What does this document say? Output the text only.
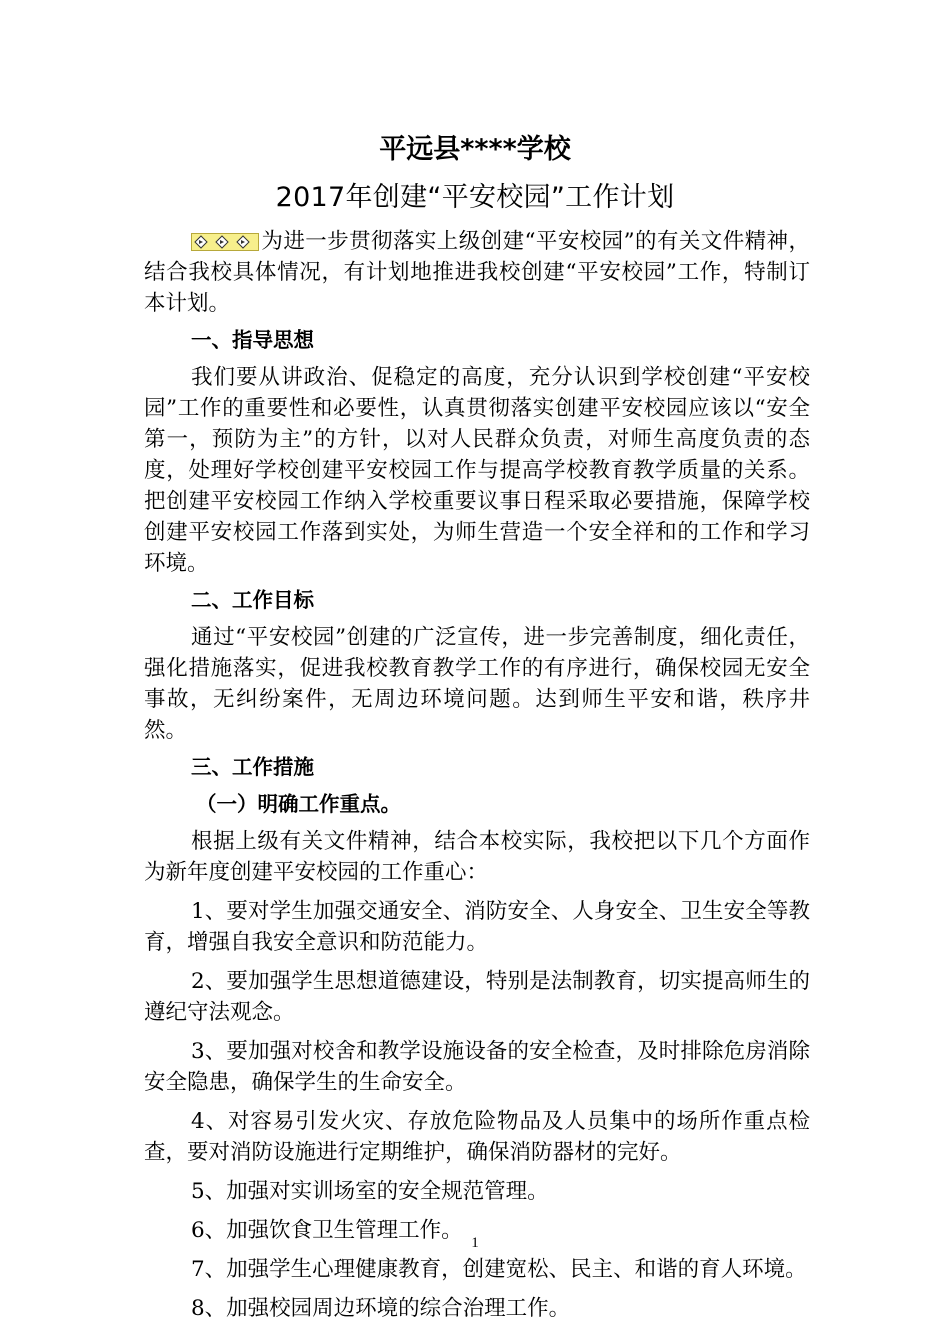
平远县****学校
2017年创建“平安校园”工作计划

为进一步贯彻落实上级创建“平安校园”的有关文件精神，结合我校具体情况，有计划地推进我校创建“平安校园”工作，特制订本计划。

一、指导思想

我们要从讲政治、促稳定的高度，充分认识到学校创建“平安校园”工作的重要性和必要性，认真贯彻落实创建平安校园应该以“安全第一，预防为主”的方针，以对人民群众负责，对师生高度负责的态度，处理好学校创建平安校园工作与提高学校教育教学质量的关系。把创建平安校园工作纳入学校重要议事日程采取必要措施，保障学校创建平安校园工作落到实处，为师生营造一个安全祥和的工作和学习环境。

二、工作目标

通过“平安校园”创建的广泛宣传，进一步完善制度，细化责任，强化措施落实，促进我校教育教学工作的有序进行，确保校园无安全事故，无纠纷案件，无周边环境问题。达到师生平安和谐，秩序井然。

三、工作措施

（一）明确工作重点。

根据上级有关文件精神，结合本校实际，我校把以下几个方面作为新年度创建平安校园的工作重心：

1、要对学生加强交通安全、消防安全、人身安全、卫生安全等教育，增强自我安全意识和防范能力。

2、要加强学生思想道德建设，特别是法制教育，切实提高师生的遵纪守法观念。

3、要加强对校舍和教学设施设备的安全检查，及时排除危房消除安全隐患，确保学生的生命安全。

4、对容易引发火灾、存放危险物品及人员集中的场所作重点检查，要对消防设施进行定期维护，确保消防器材的完好。

5、加强对实训场室的安全规范管理。

6、加强饮食卫生管理工作。

7、加强学生心理健康教育，创建宽松、民主、和谐的育人环境。

8、加强校园周边环境的综合治理工作。

1
